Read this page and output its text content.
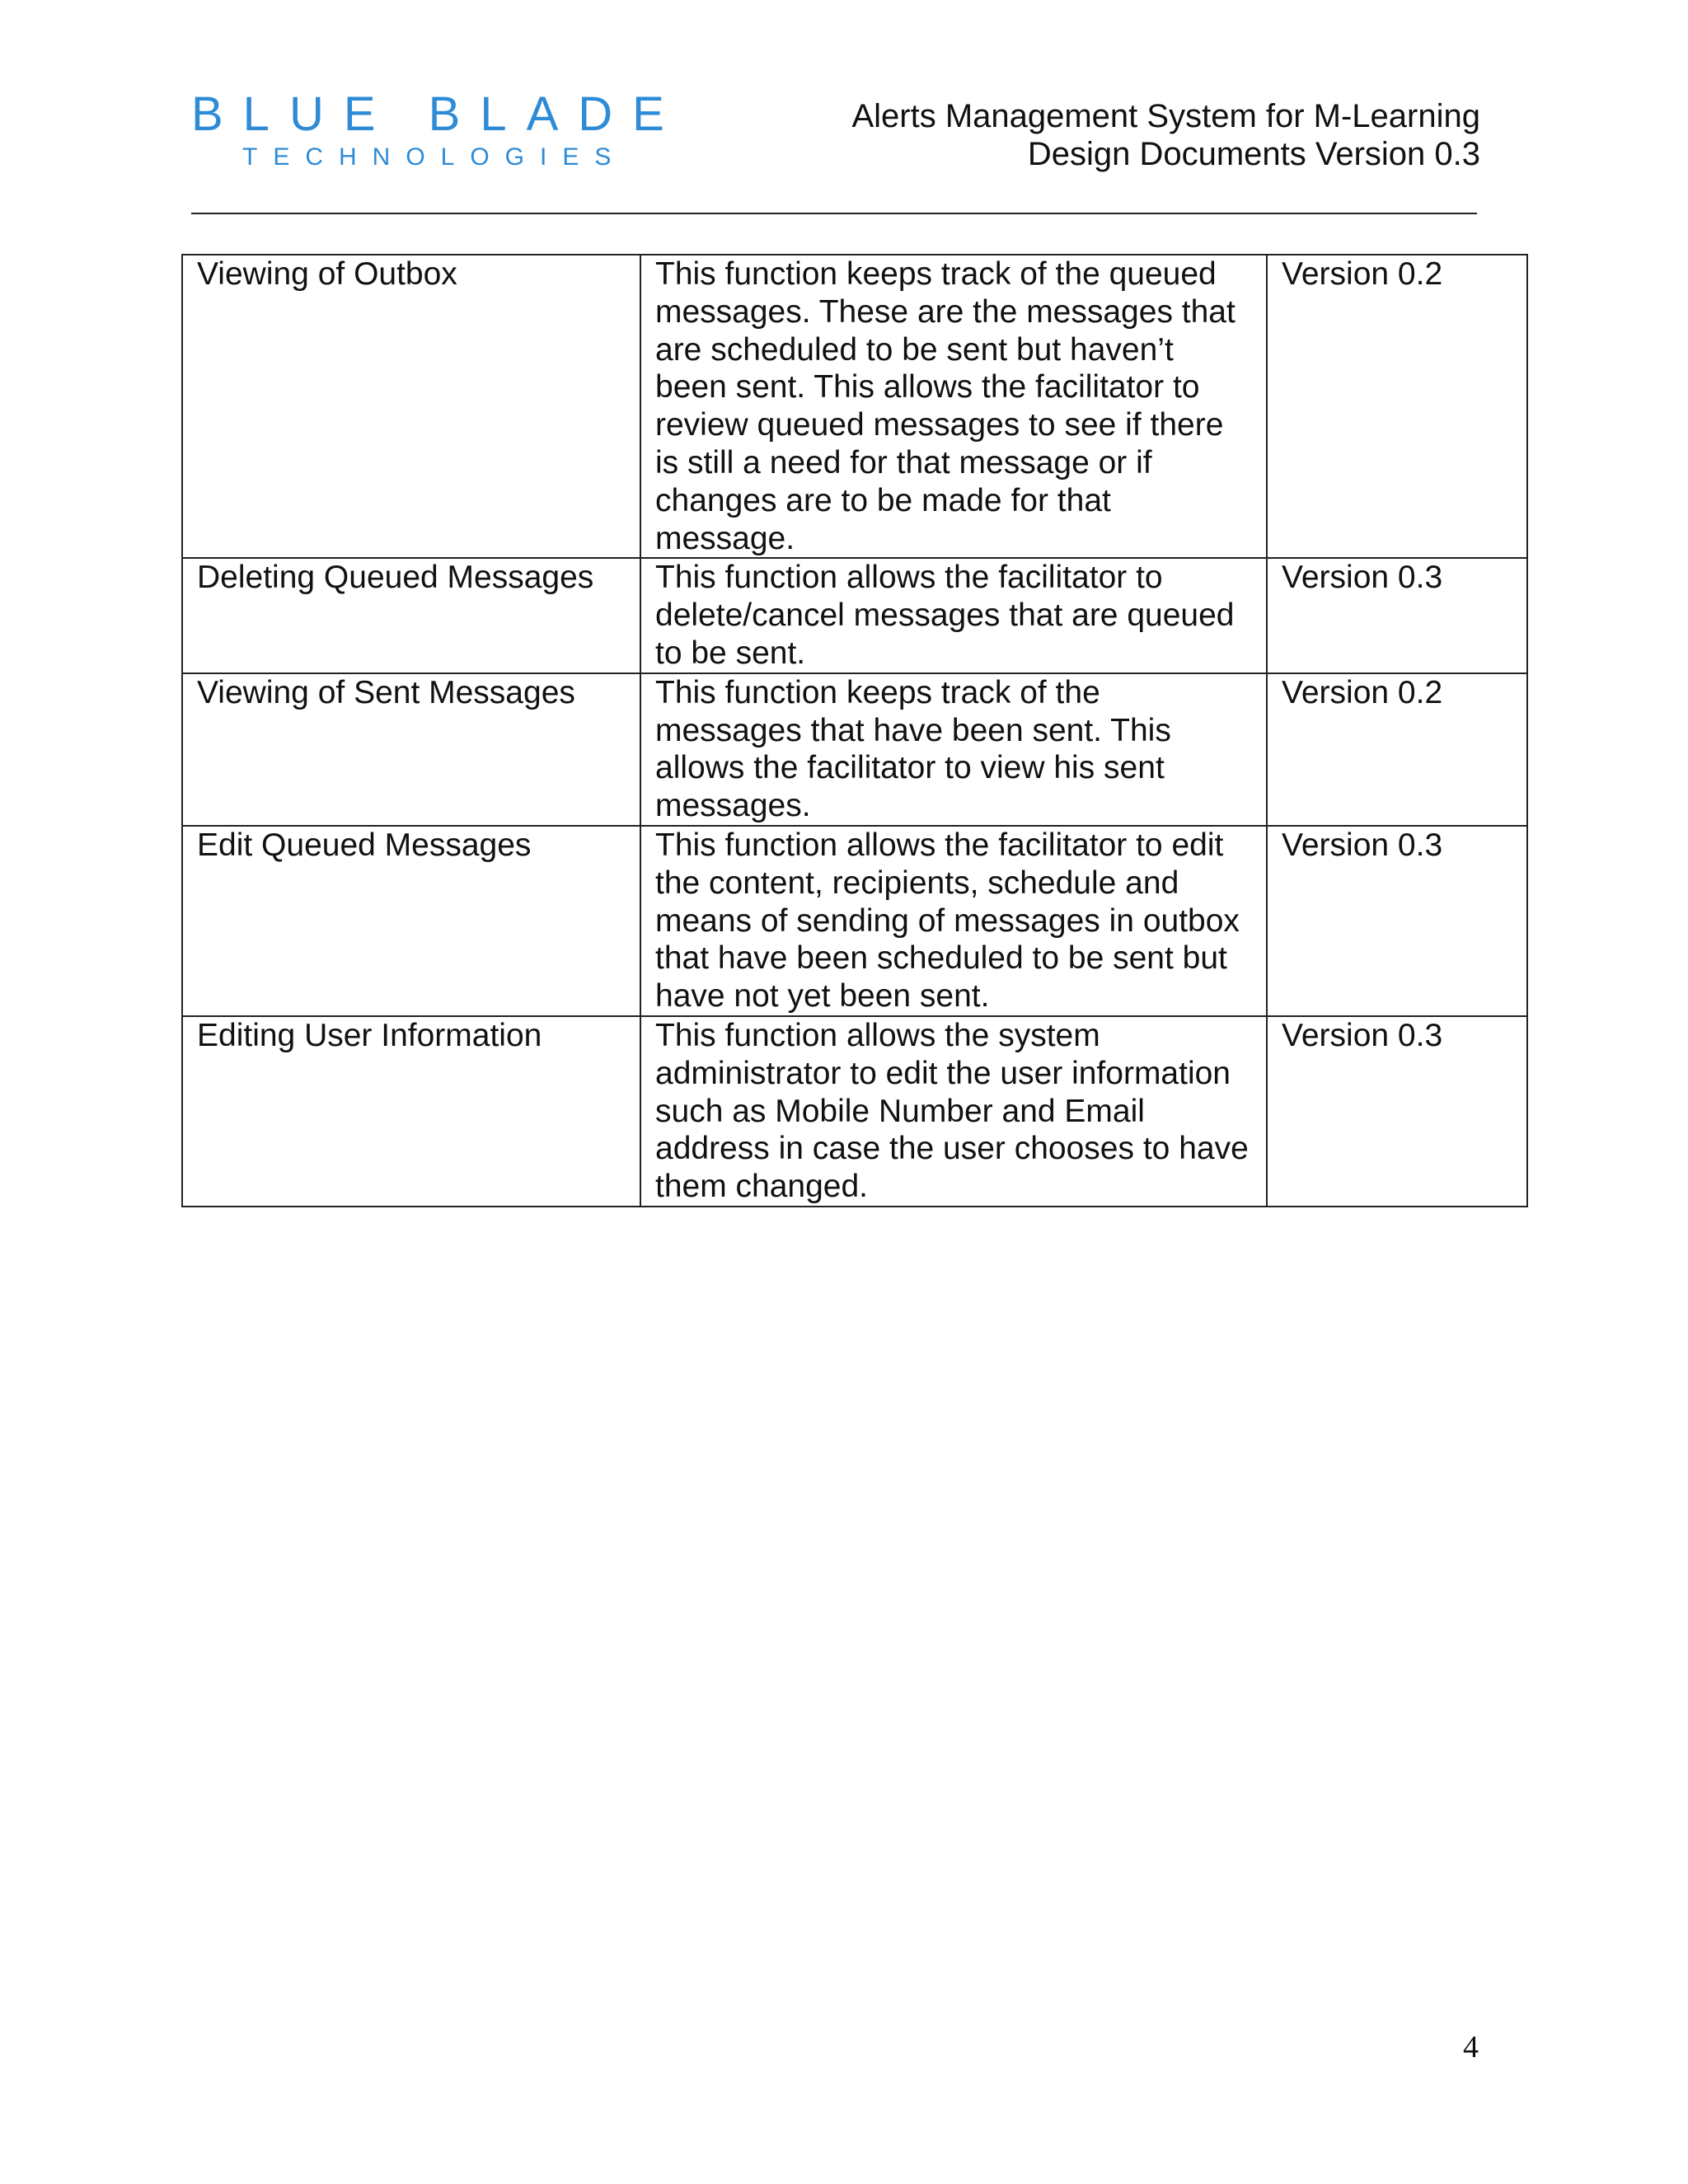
BLUE BLADE
TECHNOLOGIES
Alerts Management System for M-Learning
Design Documents Version 0.3
Viewing of Outbox	This function keeps track of the queued messages. These are the messages that are scheduled to be sent but haven’t been sent. This allows the facilitator to review queued messages to see if there is still a need for that message or if changes are to be made for that message.	Version 0.2
Deleting Queued Messages	This function allows the facilitator to delete/cancel messages that are queued to be sent.	Version 0.3
Viewing of Sent Messages	This function keeps track of the messages that have been sent. This allows the facilitator to view his sent messages.	Version 0.2
Edit Queued Messages	This function allows the facilitator to edit the content, recipients, schedule and means of sending of messages in outbox that have been scheduled to be sent but have not yet been sent.	Version 0.3
Editing User Information	This function allows the system administrator to edit the user information such as Mobile Number and Email address in case the user chooses to have them changed.	Version 0.3
4
